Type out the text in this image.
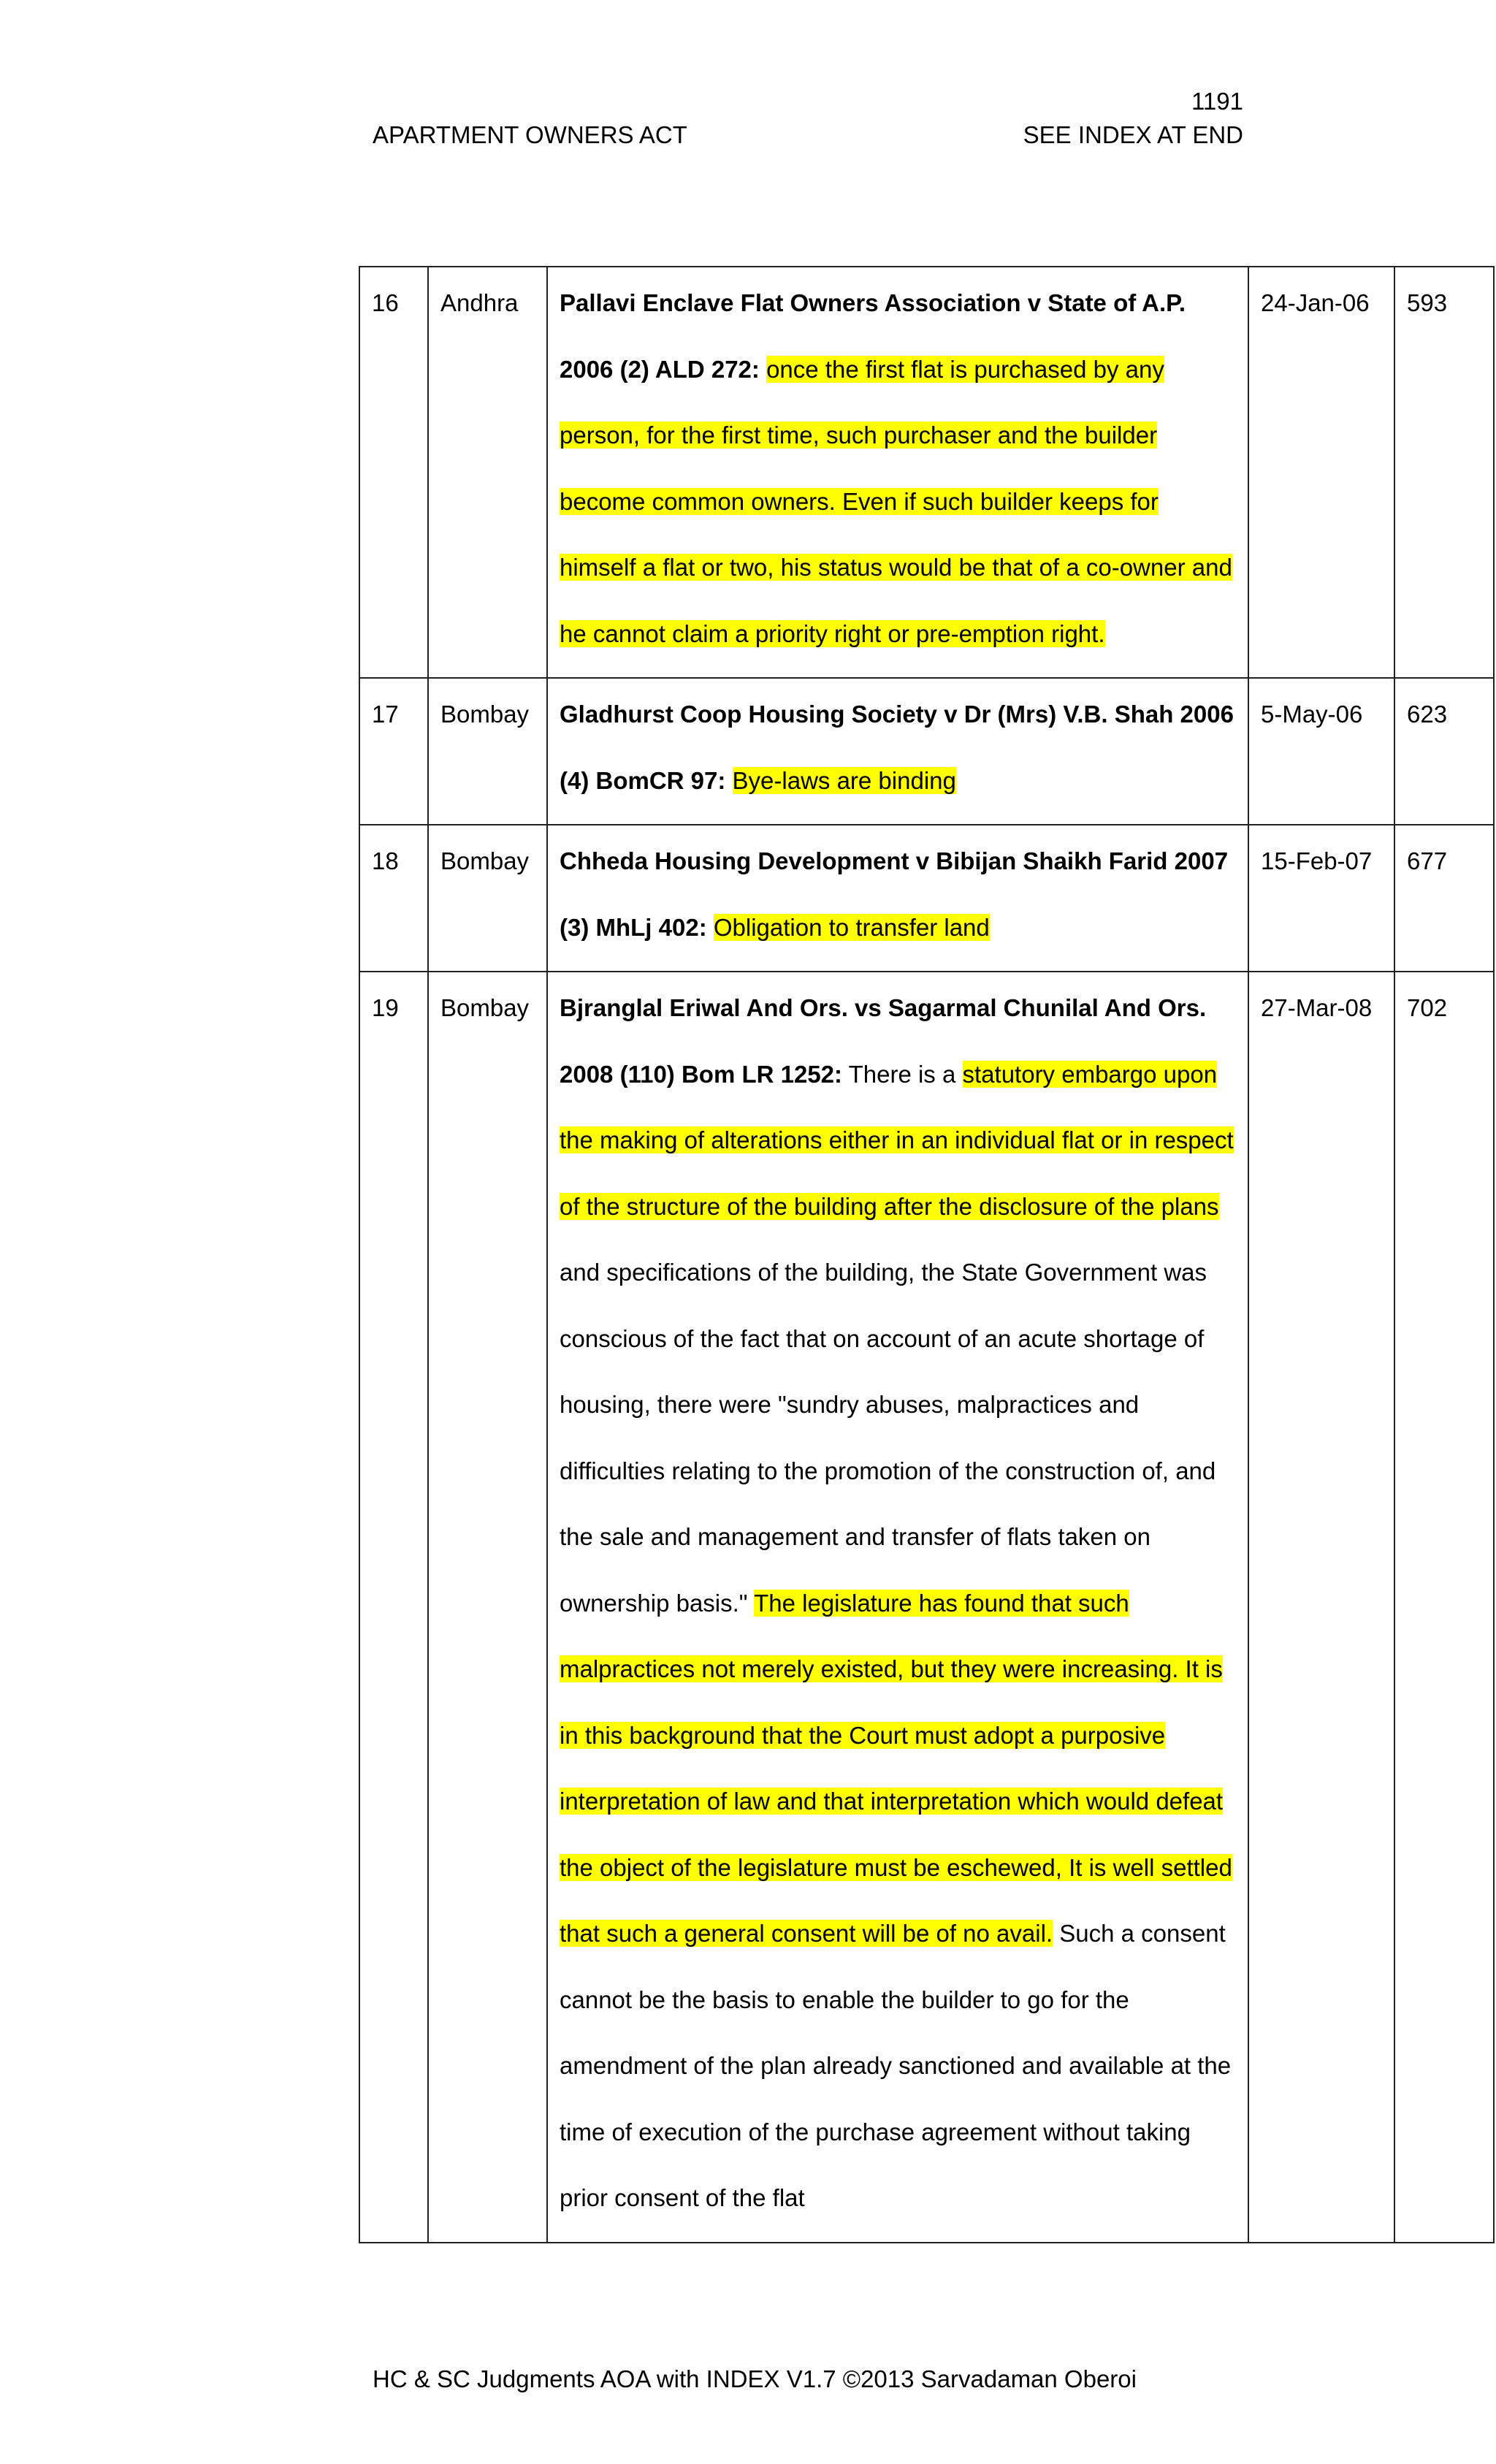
1191
APARTMENT OWNERS ACT	SEE INDEX AT END
16	Andhra	Pallavi Enclave Flat Owners Association v State of A.P. 2006 (2) ALD 272: once the first flat is purchased by any person, for the first time, such purchaser and the builder become common owners. Even if such builder keeps for himself a flat or two, his status would be that of a co-owner and he cannot claim a priority right or pre-emption right.	24-Jan-06	593
17	Bombay	Gladhurst Coop Housing Society v Dr (Mrs) V.B. Shah 2006 (4) BomCR 97: Bye-laws are binding	5-May-06	623
18	Bombay	Chheda Housing Development v Bibijan Shaikh Farid 2007 (3) MhLj 402: Obligation to transfer land	15-Feb-07	677
19	Bombay	Bjranglal Eriwal And Ors. vs Sagarmal Chunilal And Ors. 2008 (110) Bom LR 1252: There is a statutory embargo upon the making of alterations either in an individual flat or in respect of the structure of the building after the disclosure of the plans and specifications of the building, the State Government was conscious of the fact that on account of an acute shortage of housing, there were "sundry abuses, malpractices and difficulties relating to the promotion of the construction of, and the sale and management and transfer of flats taken on ownership basis." The legislature has found that such malpractices not merely existed, but they were increasing. It is in this background that the Court must adopt a purposive interpretation of law and that interpretation which would defeat the object of the legislature must be eschewed, It is well settled that such a general consent will be of no avail. Such a consent cannot be the basis to enable the builder to go for the amendment of the plan already sanctioned and available at the time of execution of the purchase agreement without taking prior consent of the flat	27-Mar-08	702
HC & SC Judgments AOA with INDEX V1.7 ©2013 Sarvadaman Oberoi
